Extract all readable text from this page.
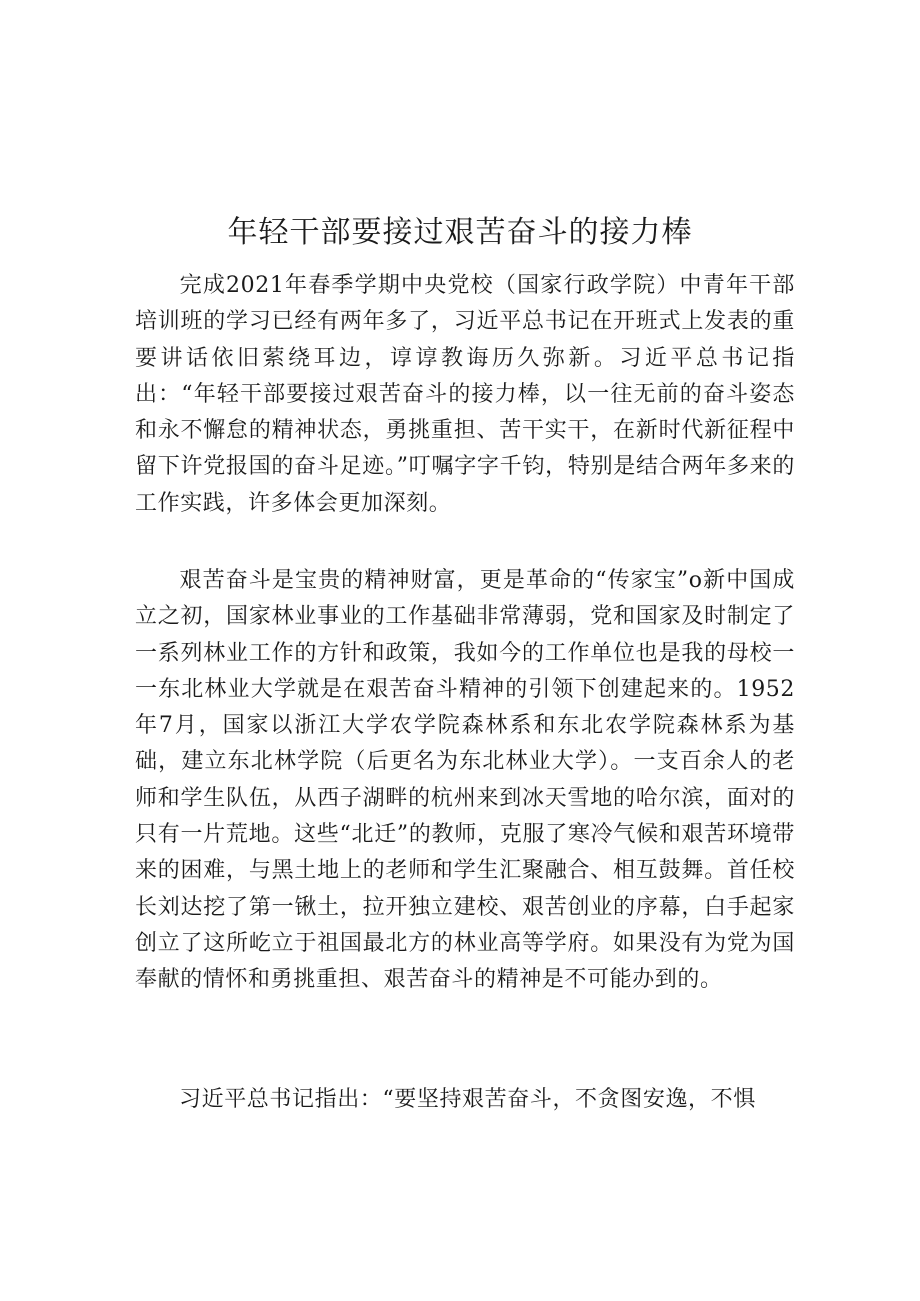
年轻干部要接过艰苦奋斗的接力棒

完成2021年春季学期中央党校（国家行政学院）中青年干部培训班的学习已经有两年多了，习近平总书记在开班式上发表的重要讲话依旧萦绕耳边，谆谆教诲历久弥新。习近平总书记指出：“年轻干部要接过艰苦奋斗的接力棒，以一往无前的奋斗姿态和永不懈怠的精神状态，勇挑重担、苦干实干，在新时代新征程中留下许党报国的奋斗足迹。”叮嘱字字千钧，特别是结合两年多来的工作实践，许多体会更加深刻。

艰苦奋斗是宝贵的精神财富，更是革命的“传家宝”o新中国成立之初，国家林业事业的工作基础非常薄弱，党和国家及时制定了一系列林业工作的方针和政策，我如今的工作单位也是我的母校一一东北林业大学就是在艰苦奋斗精神的引领下创建起来的。1952年7月，国家以浙江大学农学院森林系和东北农学院森林系为基础，建立东北林学院（后更名为东北林业大学）。一支百余人的老师和学生队伍，从西子湖畔的杭州来到冰天雪地的哈尔滨，面对的只有一片荒地。这些“北迁”的教师，克服了寒冷气候和艰苦环境带来的困难，与黑土地上的老师和学生汇聚融合、相互鼓舞。首任校长刘达挖了第一锹土，拉开独立建校、艰苦创业的序幕，白手起家创立了这所屹立于祖国最北方的林业高等学府。如果没有为党为国奉献的情怀和勇挑重担、艰苦奋斗的精神是不可能办到的。

习近平总书记指出：“要坚持艰苦奋斗，不贪图安逸，不惧
